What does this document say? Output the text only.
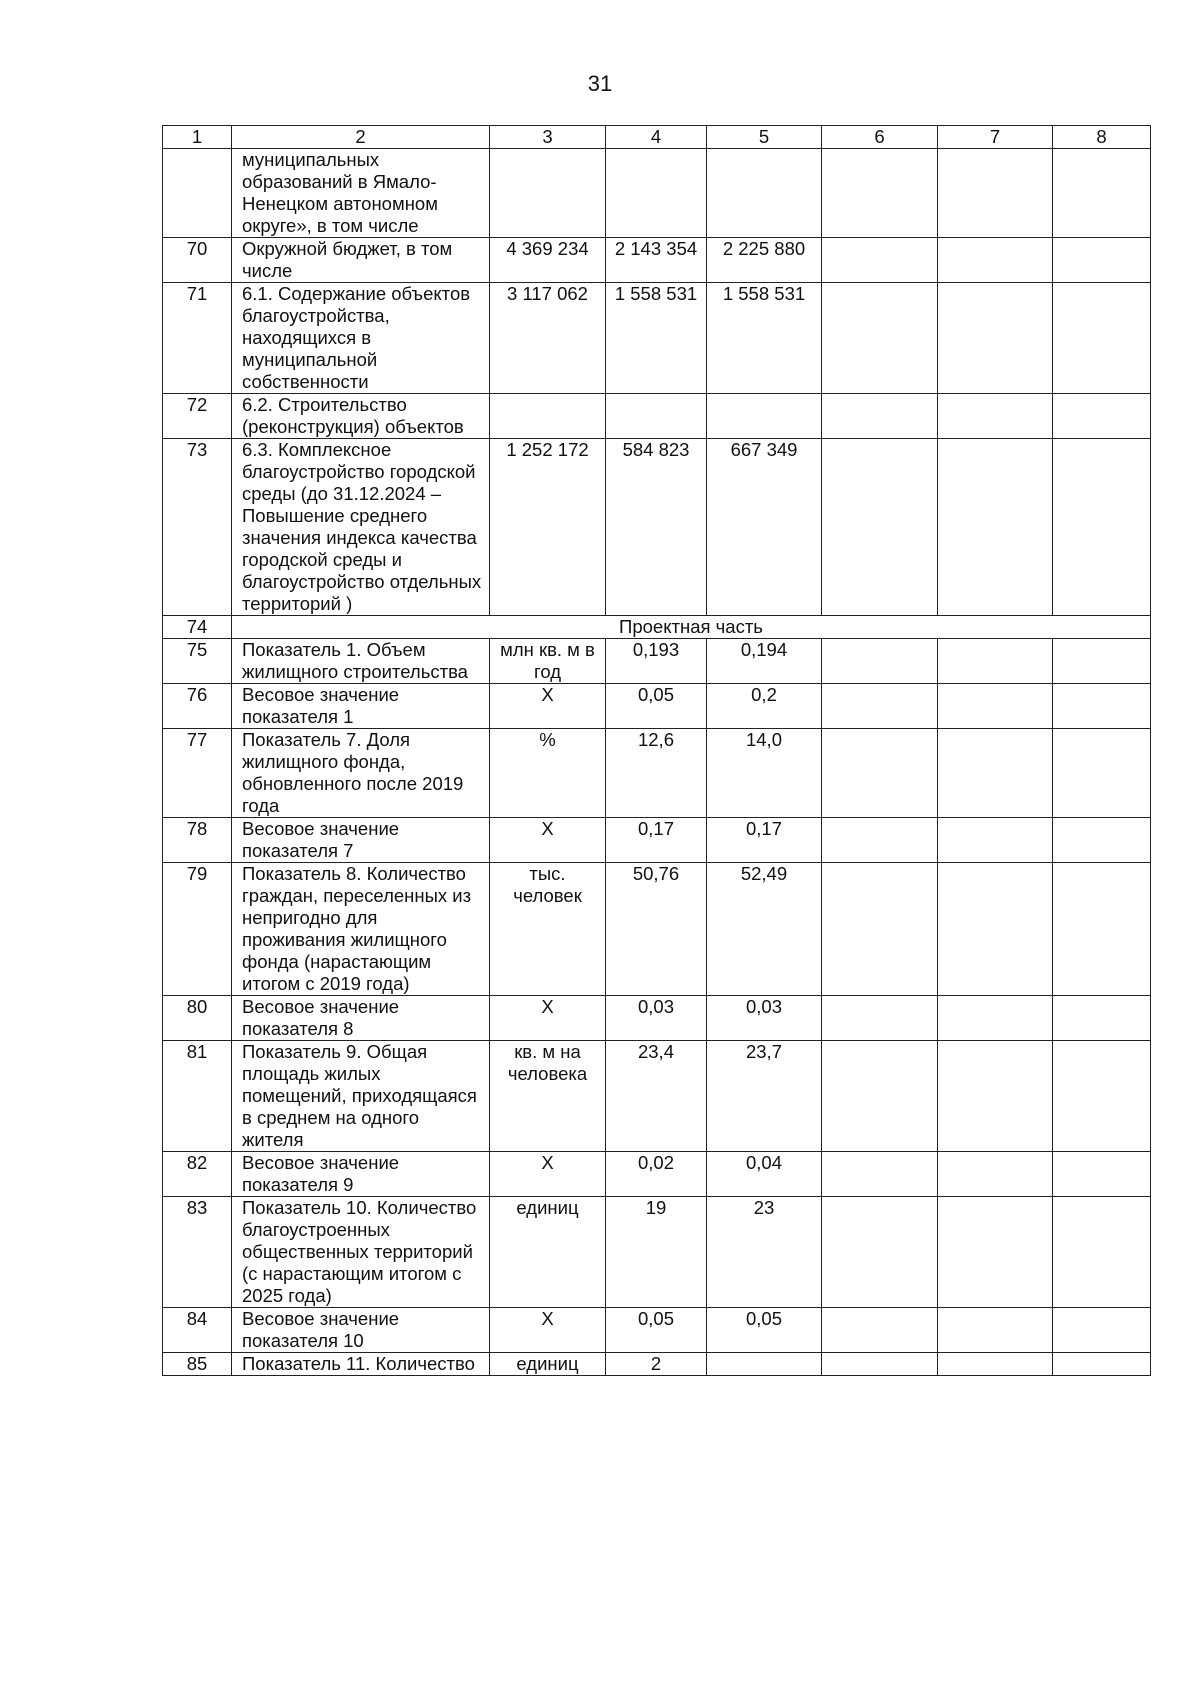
31
1	2	3	4	5	6	7	8
	муниципальных образований в Ямало-Ненецком автономном округе», в том числе						
70	Окружной бюджет, в том числе	4 369 234	2 143 354	2 225 880			
71	6.1. Содержание объектов благоустройства, находящихся в муниципальной собственности	3 117 062	1 558 531	1 558 531			
72	6.2. Строительство (реконструкция) объектов						
73	6.3. Комплексное благоустройство городской среды (до 31.12.2024 – Повышение среднего значения индекса качества городской среды и благоустройство отдельных территорий )	1 252 172	584 823	667 349			
74	Проектная часть						
75	Показатель 1. Объем жилищного строительства	млн кв. м в год	0,193	0,194			
76	Весовое значение показателя 1	Х	0,05	0,2			
77	Показатель 7. Доля жилищного фонда, обновленного после 2019 года	%	12,6	14,0			
78	Весовое значение показателя 7	Х	0,17	0,17			
79	Показатель 8. Количество граждан, переселенных из непригодно для проживания жилищного фонда (нарастающим итогом с 2019 года)	тыс. человек	50,76	52,49			
80	Весовое значение показателя 8	Х	0,03	0,03			
81	Показатель 9. Общая площадь жилых помещений, приходящаяся в среднем на одного жителя	кв. м на человека	23,4	23,7			
82	Весовое значение показателя 9	Х	0,02	0,04			
83	Показатель 10. Количество благоустроенных общественных территорий (с нарастающим итогом с 2025 года)	единиц	19	23			
84	Весовое значение показателя 10	Х	0,05	0,05			
85	Показатель 11. Количество	единиц	2				
